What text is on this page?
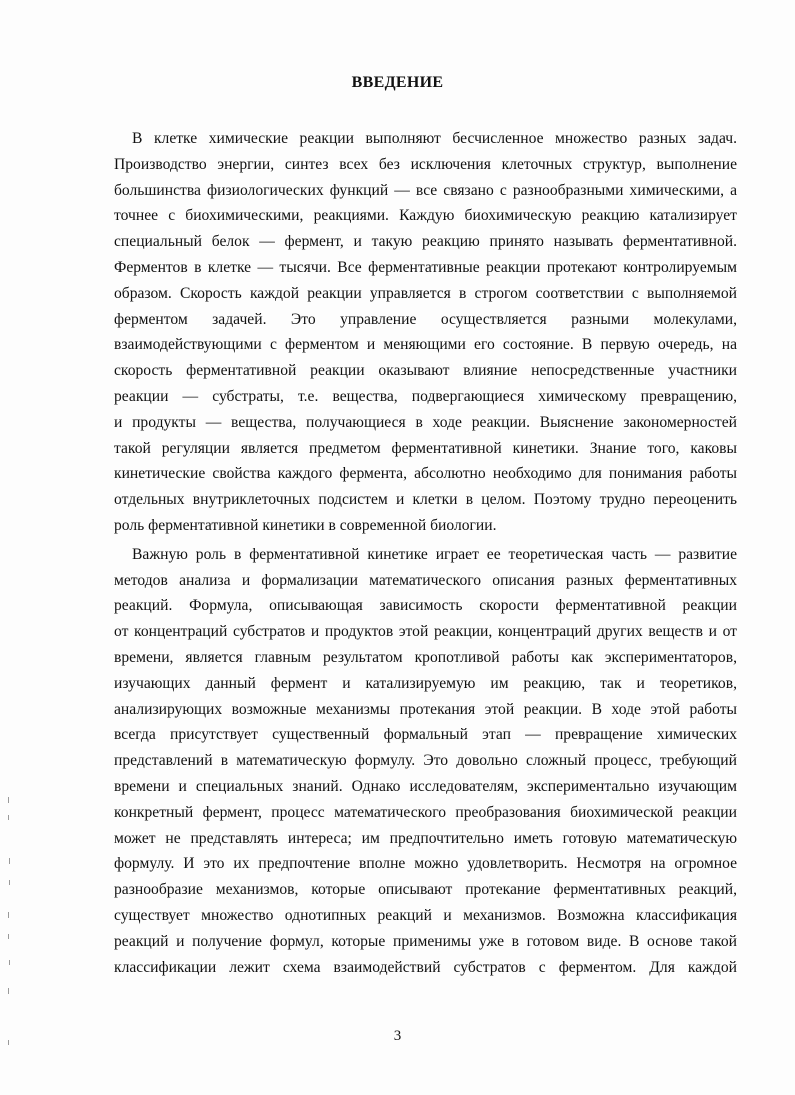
ВВЕДЕНИЕ
В клетке химические реакции выполняют бесчисленное множество разных задач.
Производство энергии, синтез всех без исключения клеточных структур, выполнение
большинства физиологических функций — все связано с разнообразными химическими, а
точнее с биохимическими, реакциями. Каждую биохимическую реакцию катализирует
специальный белок — фермент, и такую реакцию принято называть ферментативной.
Ферментов в клетке — тысячи. Все ферментативные реакции протекают контролируемым
образом. Скорость каждой реакции управляется в строгом соответствии с выполняемой
ферментом задачей. Это управление осуществляется разными молекулами,
взаимодействующими с ферментом и меняющими его состояние. В первую очередь, на
скорость ферментативной реакции оказывают влияние непосредственные участники
реакции — субстраты, т.е. вещества, подвергающиеся химическому превращению,
и продукты — вещества, получающиеся в ходе реакции. Выяснение закономерностей
такой регуляции является предметом ферментативной кинетики. Знание того, каковы
кинетические свойства каждого фермента, абсолютно необходимо для понимания работы
отдельных внутриклеточных подсистем и клетки в целом. Поэтому трудно переоценить
роль ферментативной кинетики в современной биологии.
Важную роль в ферментативной кинетике играет ее теоретическая часть — развитие
методов анализа и формализации математического описания разных ферментативных
реакций. Формула, описывающая зависимость скорости ферментативной реакции
от концентраций субстратов и продуктов этой реакции, концентраций других веществ и от
времени, является главным результатом кропотливой работы как экспериментаторов,
изучающих данный фермент и катализируемую им реакцию, так и теоретиков,
анализирующих возможные механизмы протекания этой реакции. В ходе этой работы
всегда присутствует существенный формальный этап — превращение химических
представлений в математическую формулу. Это довольно сложный процесс, требующий
времени и специальных знаний. Однако исследователям, экспериментально изучающим
конкретный фермент, процесс математического преобразования биохимической реакции
может не представлять интереса; им предпочтительно иметь готовую математическую
формулу. И это их предпочтение вполне можно удовлетворить. Несмотря на огромное
разнообразие механизмов, которые описывают протекание ферментативных реакций,
существует множество однотипных реакций и механизмов. Возможна классификация
реакций и получение формул, которые применимы уже в готовом виде. В основе такой
классификации лежит схема взаимодействий субстратов с ферментом. Для каждой
3
